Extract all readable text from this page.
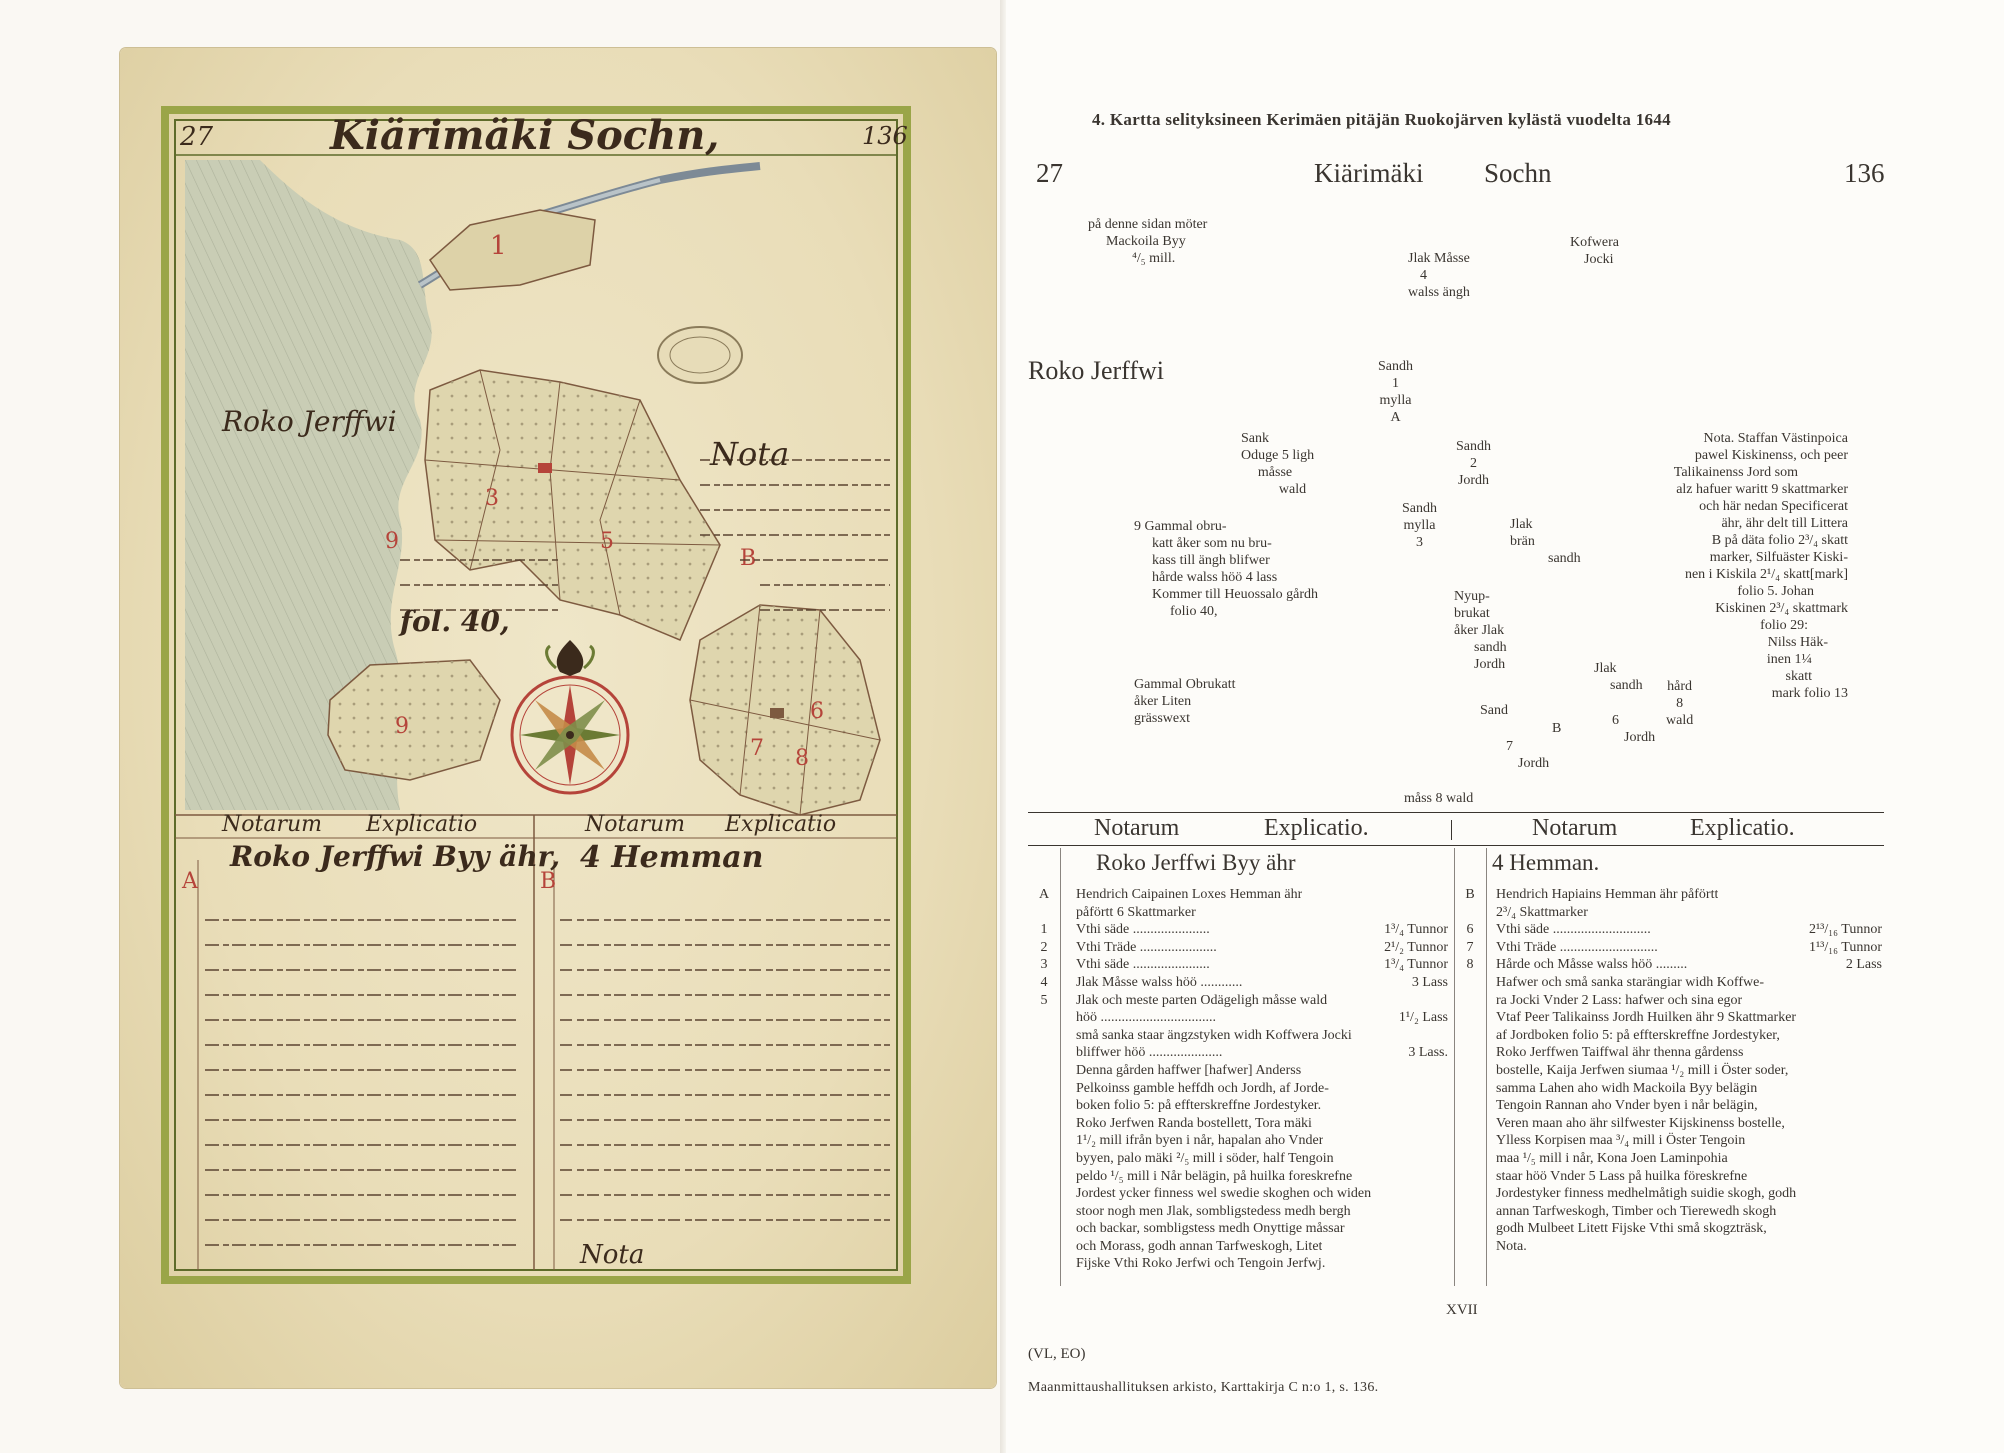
1
9	5
B
3
6
7 8
9
A	B
27	Kiärimäki Sochn,	136
Roko Jerffwi
Nota
fol. 40,
Notarum Explicatio	Notarum Explicatio
Roko Jerffwi Byy ähr, 4 Hemman
Nota
4. Kartta selityksineen Kerimäen pitäjän Ruokojärven kylästä vuodelta 1644
27	Kiärimäki Sochn	136
på denne sidan möter
Mackoila Byy
⁴/₅ mill.	Jlak Måsse
4
walss ängh
Kofwera
Jocki
Roko Jerffwi	Sandh
1
mylla
A
Sank
Oduge 5 ligh
måsse
wald
Sandh
2
Jordh
Sandh
mylla
3
Jlak
brän
sandh
9 Gammal obru-
katt åker som nu bru-
kass till ängh blifwer
hårde walss höö 4 lass
Kommer till Heuossalo gårdh
folio 40,
Nyup-
brukat
åker Jlak
sandh
Jordh	Jlak
sandh hård
8
wald
Nota. Staffan Västinpoica
pawel Kiskinenss, och peer
Talikainenss Jord som
alz hafuer waritt 9 skattmarker
och här nedan Specificerat
ähr, ähr delt till Littera
B på däta folio 2³/₄ skatt
marker, Silfuäster Kiski-
nen i Kiskila 2¹/₄ skatt[mark]
folio 5. Johan
Kiskinen 2³/₄ skattmark
folio 29:
Nilss Häk-
inen 1¼
skatt
mark folio 13
Gammal Obrukatt
åker Liten
grässwext
Sand
B
7
Jordh
6
Jordh
måss 8 wald
Notarum	Explicatio.	Notarum	Explicatio.
Roko Jerffwi Byy ähr	4 Hemman.
A Hendrich Caipainen Loxes Hemman ähr
påförtt 6 Skattmarker
1	Vthi säde ......................	1³/₄ Tunnor
2	Vthi Träde ......................	2¹/₂ Tunnor
3	Vthi säde ......................	1³/₄ Tunnor
4	Jlak Måsse walss höö ............	3 Lass
5	Jlak och meste parten Odägeligh måsse wald
höö .................................	1¹/₂ Lass
små sanka staar ängzstyken widh Koffwera Jocki
bliffwer höö .....................	3 Lass.
Denna gården haffwer [hafwer] Anderss
Pelkoinss gamble heffdh och Jordh, af Jorde-
boken folio 5: på effterskreffne Jordestyker.
Roko Jerfwen Randa bostellett, Tora mäki
1¹/₂ mill ifrån byen i når, hapalan aho Vnder
byyen, palo mäki ²/₅ mill i söder, half Tengoin
peldo ¹/₅ mill i Når belägin, på huilka foreskrefne
Jordest ycker finness wel swedie skoghen och widen
stoor nogh men Jlak, sombligstedess medh bergh
och backar, sombligstess medh Onyttige måssar
och Morass, godh annan Tarfweskogh, Litet
Fijske Vthi Roko Jerfwi och Tengoin Jerfwj.
B Hendrich Hapiains Hemman ähr påförtt
2³/₄ Skattmarker
6	Vthi säde ............................	2¹³/₁₆ Tunnor
7	Vthi Träde ............................	1¹³/₁₆ Tunnor
8	Hårde och Måsse walss höö .........	2 Lass
Hafwer och små sanka starängiar widh Koffwe-
ra Jocki Vnder 2 Lass: hafwer och sina egor
Vtaf Peer Talikainss Jordh Huilken ähr 9 Skattmarker
af Jordboken folio 5: på effterskreffne Jordestyker,
Roko Jerffwen Taiffwal ähr thenna gårdenss
bostelle, Kaija Jerfwen siumaa ¹/₂ mill i Öster soder,
samma Lahen aho widh Mackoila Byy belägin
Tengoin Rannan aho Vnder byen i når belägin,
Veren maan aho ähr silfwester Kijskinenss bostelle,
Ylless Korpisen maa ³/₄ mill i Öster Tengoin
maa ¹/₅ mill i når, Kona Joen Laminpohia
staar höö Vnder 5 Lass på huilka föreskrefne
Jordestyker finness medhelmåtigh suidie skogh, godh
annan Tarfweskogh, Timber och Tierewedh skogh
godh Mulbeet Litett Fijske Vthi små skogzträsk,
Nota.
XVII
(VL, EO)
Maanmittaushallituksen arkisto, Karttakirja C n:o 1, s. 136.
